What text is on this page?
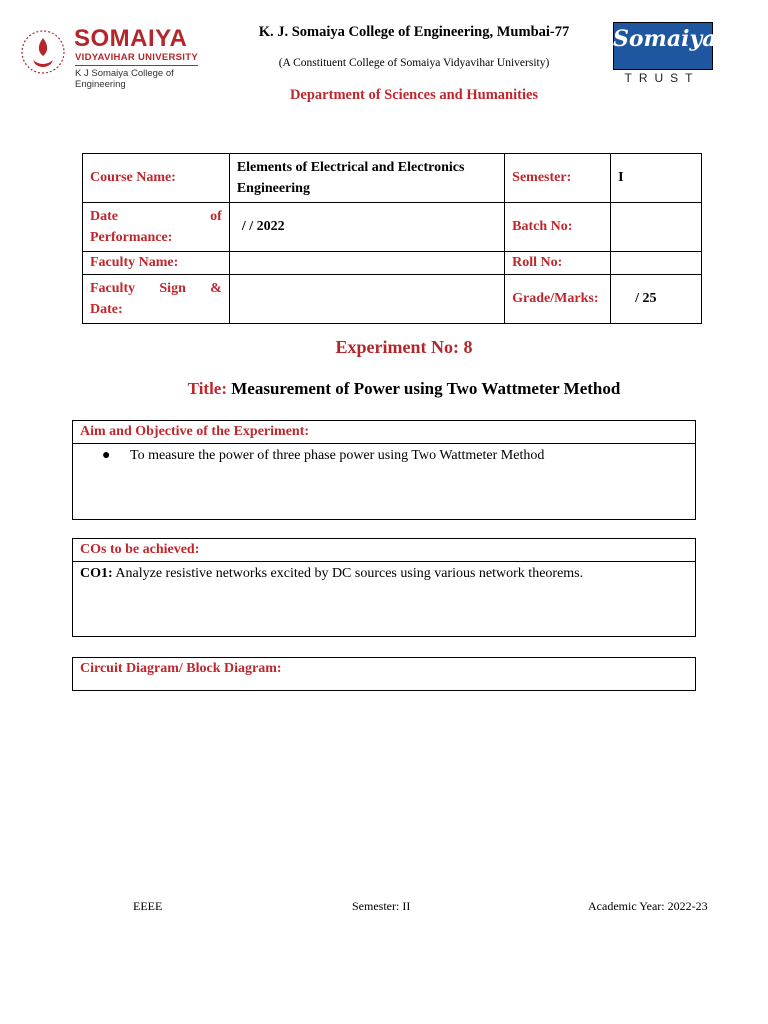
SOMAIYA
VIDYAVIHAR UNIVERSITY
K J Somaiya College of Engineering
Somaiya
TRUST
K. J. Somaiya College of Engineering, Mumbai-77
(A Constituent College of Somaiya Vidyavihar University)
Department of Sciences and Humanities
Course Name:	Elements of Electrical and Electronics Engineering	Semester:	I

Date of
Performance:	/ / 2022	Batch No:	
Faculty Name:		Roll No:	

Faculty Sign &
Date:		Grade/Marks:	/ 25
Experiment No: 8
Title: Measurement of Power using Two Wattmeter Method
Aim and Objective of the Experiment:
● To measure the power of three phase power using Two Wattmeter Method
COs to be achieved:
CO1: Analyze resistive networks excited by DC sources using various network theorems.
Circuit Diagram/ Block Diagram:
EEEE	Semester: II	Academic Year: 2022-23
